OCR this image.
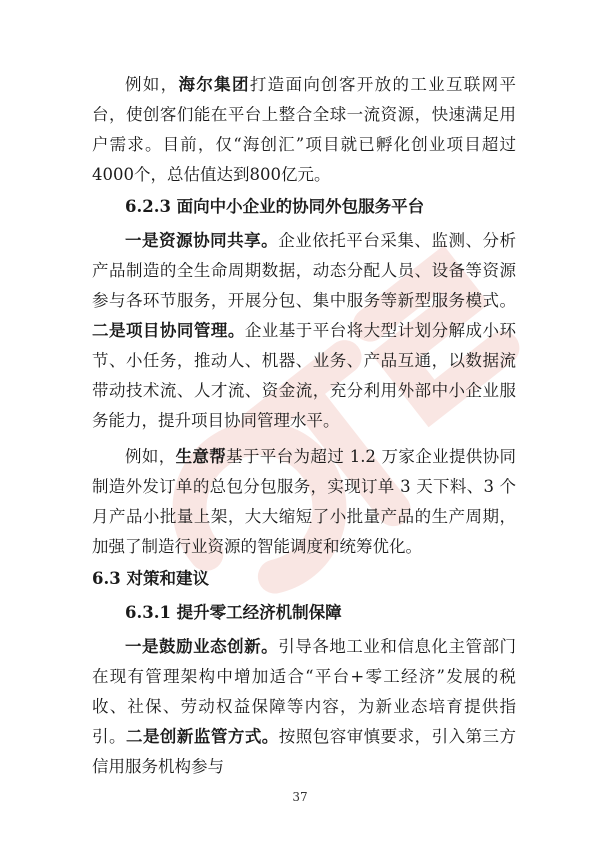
例如，海尔集团打造面向创客开放的工业互联网平台，使创客们能在平台上整合全球一流资源，快速满足用户需求。目前，仅“海创汇”项目就已孵化创业项目超过4000个，总估值达到800亿元。

6.2.3 面向中小企业的协同外包服务平台

一是资源协同共享。企业依托平台采集、监测、分析产品制造的全生命周期数据，动态分配人员、设备等资源参与各环节服务，开展分包、集中服务等新型服务模式。二是项目协同管理。企业基于平台将大型计划分解成小环节、小任务，推动人、机器、业务、产品互通，以数据流带动技术流、人才流、资金流，充分利用外部中小企业服务能力，提升项目协同管理水平。

例如，生意帮基于平台为超过 1.2 万家企业提供协同制造外发订单的总包分包服务，实现订单 3 天下料、3 个月产品小批量上架，大大缩短了小批量产品的生产周期，加强了制造行业资源的智能调度和统筹优化。

6.3 对策和建议
6.3.1 提升零工经济机制保障

一是鼓励业态创新。引导各地工业和信息化主管部门在现有管理架构中增加适合“平台+零工经济”发展的税收、社保、劳动权益保障等内容，为新业态培育提供指引。二是创新监管方式。按照包容审慎要求，引入第三方信用服务机构参与

37
